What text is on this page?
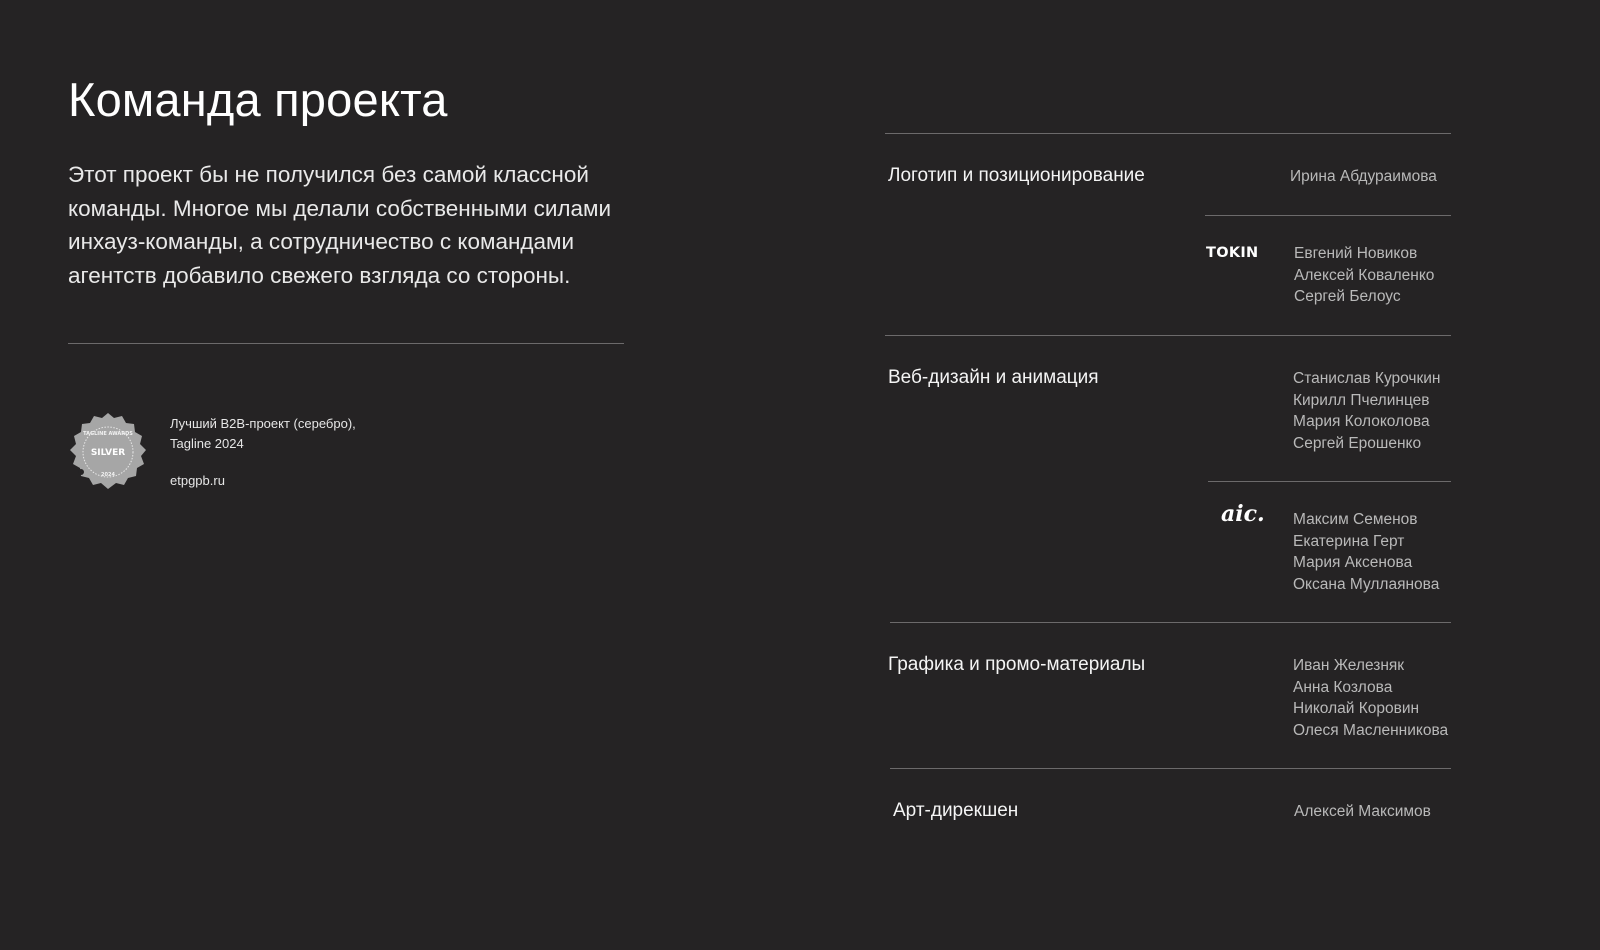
Команда проекта

Этот проект бы не получился без самой классной команды. Многое мы делали собственными силами инхауз-команды, а сотрудничество с командами агентств добавило свежего взгляда со стороны.

TAGLINE AWARDS
SILVER
2024
Лучший B2B-проект (серебро),
Tagline 2024
etpgpb.ru
Логотип и позиционирование	Ирина Абдураимова
TOKIN Евгений Новиков
Алексей Коваленко
Сергей Белоус
Веб-дизайн и анимация	Станислав Курочкин
Кирилл Пчелинцев
Мария Колоколова
Сергей Ерошенко
aic. Максим Семенов
Екатерина Герт
Мария Аксенова
Оксана Муллаянова
Графика и промо-материалы	Иван Железняк
Анна Козлова
Николай Коровин
Олеся Масленникова
Арт-дирекшен	Алексей Максимов
